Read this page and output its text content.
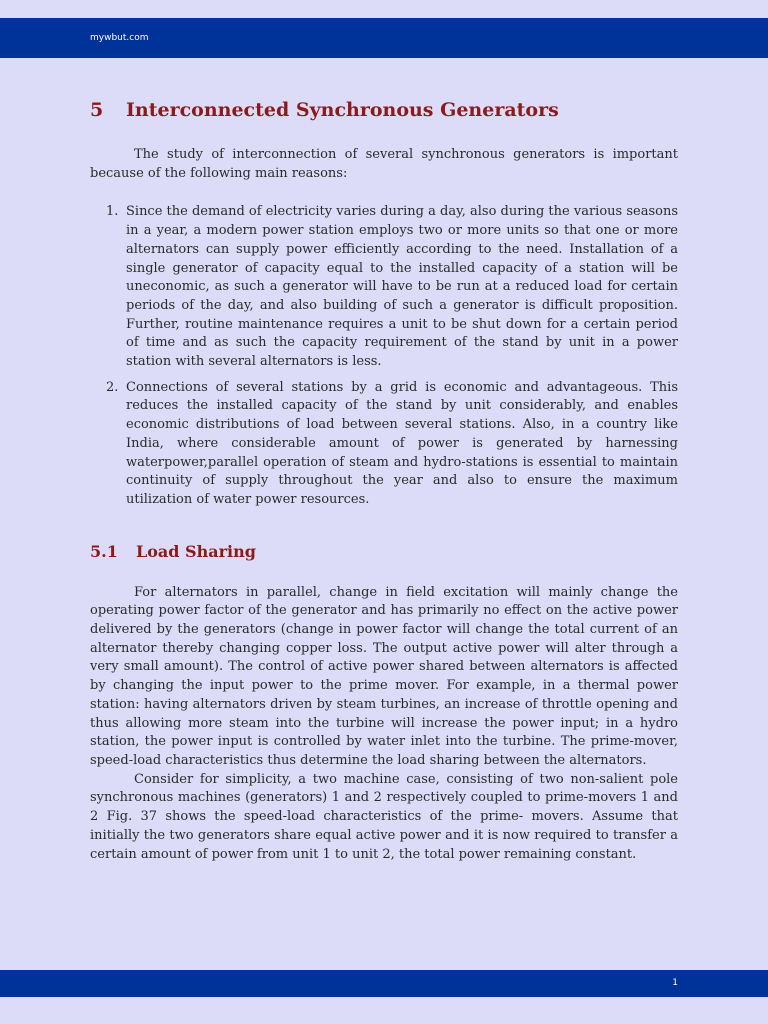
mywbut.com
5 Interconnected Synchronous Generators

The study of interconnection of several synchronous generators is important because of the following main reasons:

1. Since the demand of electricity varies during a day, also during the various seasons in a year, a modern power station employs two or more units so that one or more alternators can supply power efficiently according to the need. Installation of a single generator of capacity equal to the installed capacity of a station will be uneconomic, as such a generator will have to be run at a reduced load for certain periods of the day, and also building of such a generator is difficult proposition. Further, routine maintenance requires a unit to be shut down for a certain period of time and as such the capacity requirement of the stand by unit in a power station with several alternators is less.
2. Connections of several stations by a grid is economic and advantageous. This reduces the installed capacity of the stand by unit considerably, and enables economic distributions of load between several stations. Also, in a country like India, where considerable amount of power is generated by harnessing waterpower,parallel operation of steam and hydro-stations is essential to maintain continuity of supply throughout the year and also to ensure the maximum utilization of water power resources.
5.1 Load Sharing

For alternators in parallel, change in field excitation will mainly change the operating power factor of the generator and has primarily no effect on the active power delivered by the generators (change in power factor will change the total current of an alternator thereby changing copper loss. The output active power will alter through a very small amount). The control of active power shared between alternators is affected by changing the input power to the prime mover. For example, in a thermal power station: having alternators driven by steam turbines, an increase of throttle opening and thus allowing more steam into the turbine will increase the power input; in a hydro station, the power input is controlled by water inlet into the turbine. The prime-mover, speed-load characteristics thus determine the load sharing between the alternators.

Consider for simplicity, a two machine case, consisting of two non-salient pole synchronous machines (generators) 1 and 2 respectively coupled to prime-movers 1 and 2 Fig. 37 shows the speed-load characteristics of the prime- movers. Assume that initially the two generators share equal active power and it is now required to transfer a certain amount of power from unit 1 to unit 2, the total power remaining constant.

1
